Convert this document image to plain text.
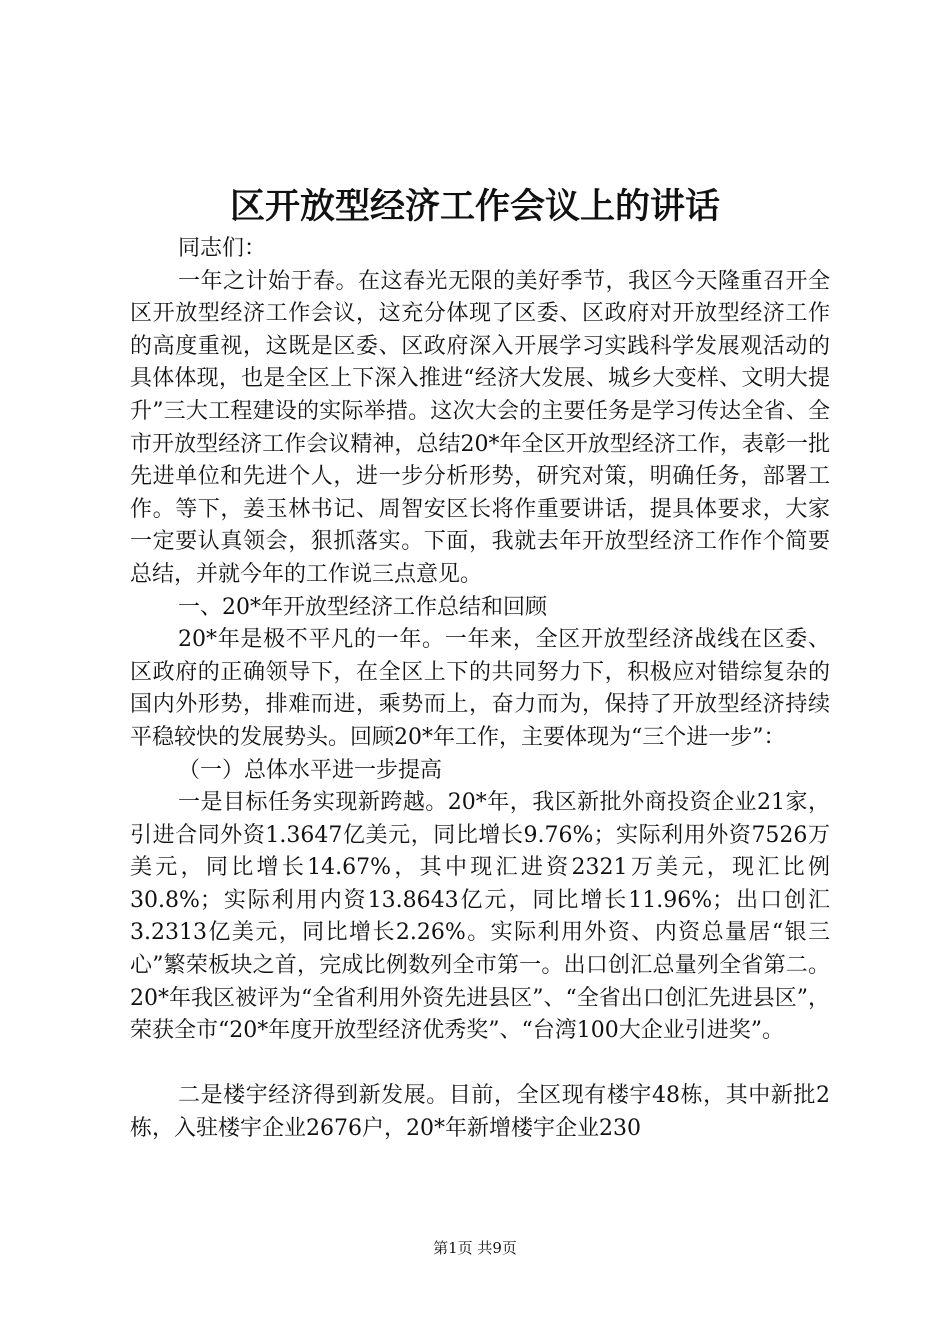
区开放型经济工作会议上的讲话

同志们：

一年之计始于春。在这春光无限的美好季节，我区今天隆重召开全区开放型经济工作会议，这充分体现了区委、区政府对开放型经济工作的高度重视，这既是区委、区政府深入开展学习实践科学发展观活动的具体体现，也是全区上下深入推进“经济大发展、城乡大变样、文明大提升”三大工程建设的实际举措。这次大会的主要任务是学习传达全省、全市开放型经济工作会议精神，总结20*年全区开放型经济工作，表彰一批先进单位和先进个人，进一步分析形势，研究对策，明确任务，部署工作。等下，姜玉林书记、周智安区长将作重要讲话，提具体要求，大家一定要认真领会，狠抓落实。下面，我就去年开放型经济工作作个简要总结，并就今年的工作说三点意见。

一、20*年开放型经济工作总结和回顾

20*年是极不平凡的一年。一年来，全区开放型经济战线在区委、区政府的正确领导下，在全区上下的共同努力下，积极应对错综复杂的国内外形势，排难而进，乘势而上，奋力而为，保持了开放型经济持续平稳较快的发展势头。回顾20*年工作，主要体现为“三个进一步”：

（一）总体水平进一步提高

一是目标任务实现新跨越。20*年，我区新批外商投资企业21家，引进合同外资1.3647亿美元，同比增长9.76%；实际利用外资7526万美元，同比增长14.67%，其中现汇进资2321万美元，现汇比例30.8%；实际利用内资13.8643亿元，同比增长11.96%；出口创汇3.2313亿美元，同比增长2.26%。实际利用外资、内资总量居“银三心”繁荣板块之首，完成比例数列全市第一。出口创汇总量列全省第二。20*年我区被评为“全省利用外资先进县区”、“全省出口创汇先进县区”，荣获全市“20*年度开放型经济优秀奖”、“台湾100大企业引进奖”。

二是楼宇经济得到新发展。目前，全区现有楼宇48栋，其中新批2栋，入驻楼宇企业2676户，20*年新增楼宇企业230

第1页 共9页
